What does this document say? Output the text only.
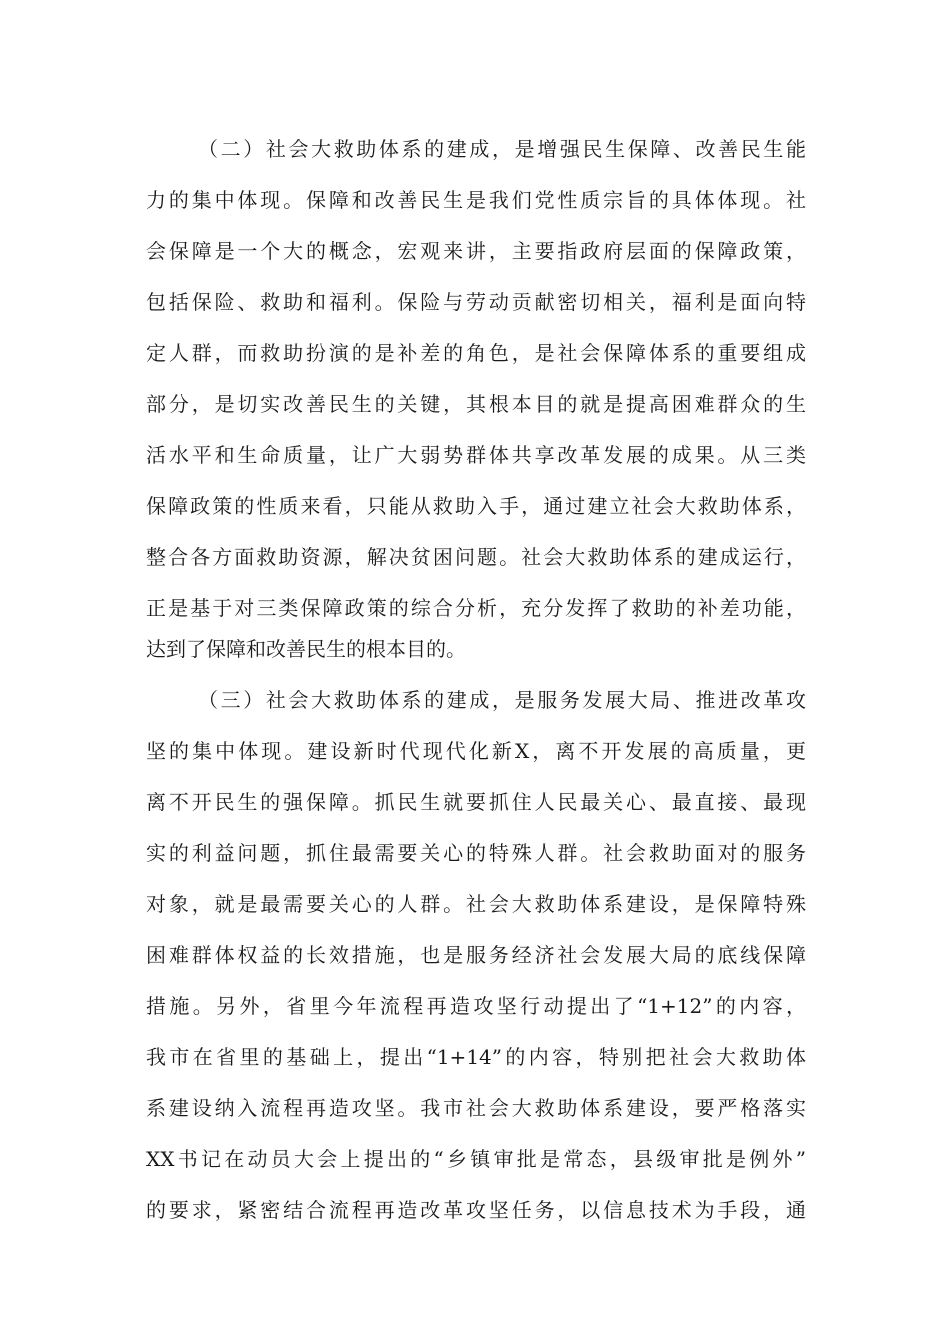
（二）社会大救助体系的建成，是增强民生保障、改善民生能
力的集中体现。保障和改善民生是我们党性质宗旨的具体体现。社
会保障是一个大的概念，宏观来讲，主要指政府层面的保障政策，
包括保险、救助和福利。保险与劳动贡献密切相关，福利是面向特
定人群，而救助扮演的是补差的角色，是社会保障体系的重要组成
部分，是切实改善民生的关键，其根本目的就是提高困难群众的生
活水平和生命质量，让广大弱势群体共享改革发展的成果。从三类
保障政策的性质来看，只能从救助入手，通过建立社会大救助体系，
整合各方面救助资源，解决贫困问题。社会大救助体系的建成运行，
正是基于对三类保障政策的综合分析，充分发挥了救助的补差功能，
达到了保障和改善民生的根本目的。
（三）社会大救助体系的建成，是服务发展大局、推进改革攻
坚的集中体现。建设新时代现代化新X，离不开发展的高质量，更
离不开民生的强保障。抓民生就要抓住人民最关心、最直接、最现
实的利益问题，抓住最需要关心的特殊人群。社会救助面对的服务
对象，就是最需要关心的人群。社会大救助体系建设，是保障特殊
困难群体权益的长效措施，也是服务经济社会发展大局的底线保障
措施。另外，省里今年流程再造攻坚行动提出了“1+12”的内容，
我市在省里的基础上，提出“1+14”的内容，特别把社会大救助体
系建设纳入流程再造攻坚。我市社会大救助体系建设，要严格落实
XX书记在动员大会上提出的“乡镇审批是常态，县级审批是例外”
的要求，紧密结合流程再造改革攻坚任务，以信息技术为手段，通
